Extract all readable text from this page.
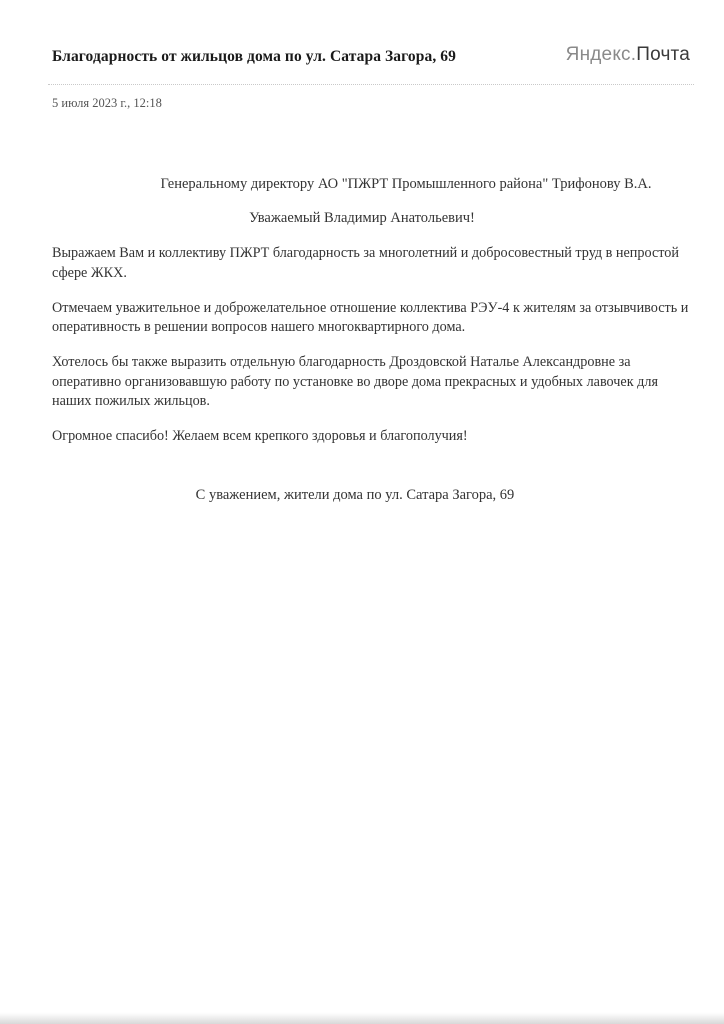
Благодарность от жильцов дома по ул. Сатара Загора, 69	Яндекс.Почта
5 июля 2023 г., 12:18
Генеральному директору АО "ПЖРТ Промышленного района" Трифонову В.А.
Уважаемый Владимир Анатольевич!

Выражаем Вам и коллективу ПЖРТ благодарность за многолетний и добросовестный труд в непростой сфере ЖКХ.

Отмечаем уважительное и доброжелательное отношение коллектива РЭУ-4 к жителям за отзывчивость и оперативность в решении вопросов нашего многоквартирного дома.

Хотелось бы также выразить отдельную благодарность Дроздовской Наталье Александровне за оперативно организовавшую работу по установке во дворе дома прекрасных и удобных лавочек для наших пожилых жильцов.

Огромное спасибо! Желаем всем крепкого здоровья и благополучия!

С уважением, жители дома по ул. Сатара Загора, 69
